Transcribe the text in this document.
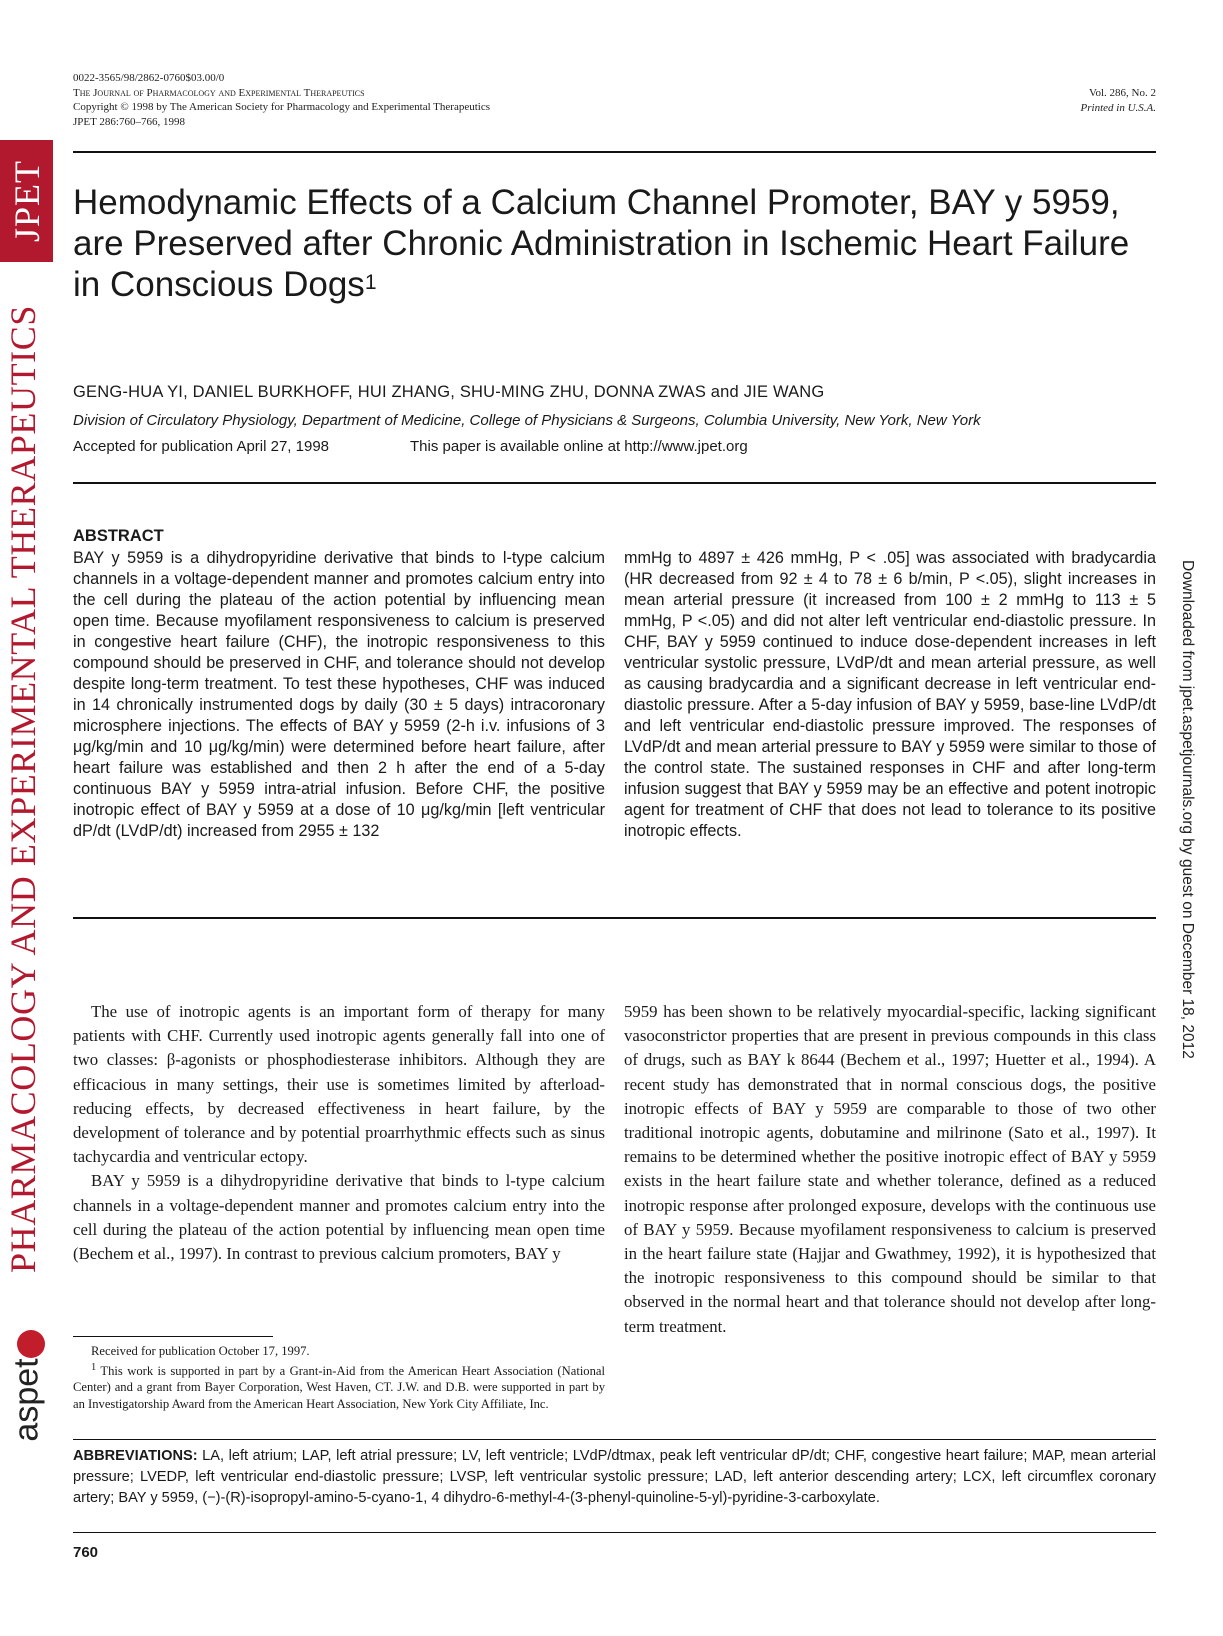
JPET
PHARMACOLOGY AND EXPERIMENTAL THERAPEUTICS
aspet
Downloaded from jpet.aspetjournals.org by guest on December 18, 2012
0022-3565/98/2862-0760$03.00/0
The Journal of Pharmacology and Experimental Therapeutics
Copyright © 1998 by The American Society for Pharmacology and Experimental Therapeutics
JPET 286:760–766, 1998
Vol. 286, No. 2
Printed in U.S.A.
Hemodynamic Effects of a Calcium Channel Promoter, BAY y 5959, are Preserved after Chronic Administration in Ischemic Heart Failure in Conscious Dogs$^1$
GENG-HUA YI, DANIEL BURKHOFF, HUI ZHANG, SHU-MING ZHU, DONNA ZWAS and JIE WANG
Division of Circulatory Physiology, Department of Medicine, College of Physicians & Surgeons, Columbia University, New York, New York
Accepted for publication April 27, 1998	This paper is available online at http://www.jpet.org
ABSTRACT

BAY y 5959 is a dihydropyridine derivative that binds to l-type calcium channels in a voltage-dependent manner and promotes calcium entry into the cell during the plateau of the action potential by influencing mean open time. Because myofilament responsiveness to calcium is preserved in congestive heart failure (CHF), the inotropic responsiveness to this compound should be preserved in CHF, and tolerance should not develop despite long-term treatment. To test these hypotheses, CHF was induced in 14 chronically instrumented dogs by daily (30 ± 5 days) intracoronary microsphere injections. The effects of BAY y 5959 (2-h i.v. infusions of 3 μg/kg/min and 10 μg/kg/min) were determined before heart failure, after heart failure was established and then 2 h after the end of a 5-day continuous BAY y 5959 intra-atrial infusion. Before CHF, the positive inotropic effect of BAY y 5959 at a dose of 10 μg/kg/min [left ventricular dP/dt (LVdP/dt) increased from 2955 ± 132

mmHg to 4897 ± 426 mmHg, P < .05] was associated with bradycardia (HR decreased from 92 ± 4 to 78 ± 6 b/min, P <.05), slight increases in mean arterial pressure (it increased from 100 ± 2 mmHg to 113 ± 5 mmHg, P <.05) and did not alter left ventricular end-diastolic pressure. In CHF, BAY y 5959 continued to induce dose-dependent increases in left ventricular systolic pressure, LVdP/dt and mean arterial pressure, as well as causing bradycardia and a significant decrease in left ventricular end-diastolic pressure. After a 5-day infusion of BAY y 5959, base-line LVdP/dt and left ventricular end-diastolic pressure improved. The responses of LVdP/dt and mean arterial pressure to BAY y 5959 were similar to those of the control state. The sustained responses in CHF and after long-term infusion suggest that BAY y 5959 may be an effective and potent inotropic agent for treatment of CHF that does not lead to tolerance to its positive inotropic effects.

The use of inotropic agents is an important form of therapy for many patients with CHF. Currently used inotropic agents generally fall into one of two classes: β-agonists or phosphodiesterase inhibitors. Although they are efficacious in many settings, their use is sometimes limited by afterload-reducing effects, by decreased effectiveness in heart failure, by the development of tolerance and by potential proarrhythmic effects such as sinus tachycardia and ventricular ectopy.

BAY y 5959 is a dihydropyridine derivative that binds to l-type calcium channels in a voltage-dependent manner and promotes calcium entry into the cell during the plateau of the action potential by influencing mean open time (Bechem et al., 1997). In contrast to previous calcium promoters, BAY y

5959 has been shown to be relatively myocardial-specific, lacking significant vasoconstrictor properties that are present in previous compounds in this class of drugs, such as BAY k 8644 (Bechem et al., 1997; Huetter et al., 1994). A recent study has demonstrated that in normal conscious dogs, the positive inotropic effects of BAY y 5959 are comparable to those of two other traditional inotropic agents, dobutamine and milrinone (Sato et al., 1997). It remains to be determined whether the positive inotropic effect of BAY y 5959 exists in the heart failure state and whether tolerance, defined as a reduced inotropic response after prolonged exposure, develops with the continuous use of BAY y 5959. Because myofilament responsiveness to calcium is preserved in the heart failure state (Hajjar and Gwathmey, 1992), it is hypothesized that the inotropic responsiveness to this compound should be similar to that observed in the normal heart and that tolerance should not develop after long-term treatment.

Received for publication October 17, 1997.

$^1$ This work is supported in part by a Grant-in-Aid from the American Heart Association (National Center) and a grant from Bayer Corporation, West Haven, CT. J.W. and D.B. were supported in part by an Investigatorship Award from the American Heart Association, New York City Affiliate, Inc.

ABBREVIATIONS: LA, left atrium; LAP, left atrial pressure; LV, left ventricle; LVdP/dtmax, peak left ventricular dP/dt; CHF, congestive heart failure; MAP, mean arterial pressure; LVEDP, left ventricular end-diastolic pressure; LVSP, left ventricular systolic pressure; LAD, left anterior descending artery; LCX, left circumflex coronary artery; BAY y 5959, (−)-(R)-isopropyl-amino-5-cyano-1, 4 dihydro-6-methyl-4-(3-phenyl-quinoline-5-yl)-pyridine-3-carboxylate.
760
